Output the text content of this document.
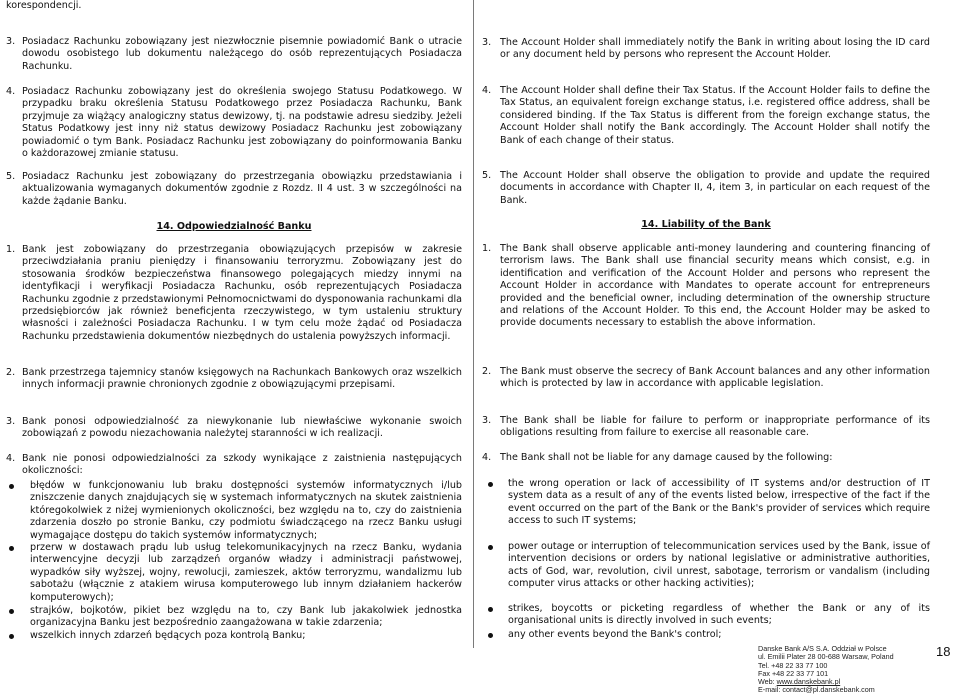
korespondencji.
3. Posiadacz Rachunku zobowiązany jest niezwłocznie pisemnie powiadomić Bank o utracie dowodu osobistego lub dokumentu należącego do osób reprezentujących Posiadacza Rachunku.
4. Posiadacz Rachunku zobowiązany jest do określenia swojego Statusu Podatkowego. W przypadku braku określenia Statusu Podatkowego przez Posiadacza Rachunku, Bank przyjmuje za wiążący analogiczny status dewizowy, tj. na podstawie adresu siedziby. Jeżeli Status Podatkowy jest inny niż status dewizowy Posiadacz Rachunku jest zobowiązany powiadomić o tym Bank. Posiadacz Rachunku jest zobowiązany do poinformowania Banku o każdorazowej zmianie statusu.
5. Posiadacz Rachunku jest zobowiązany do przestrzegania obowiązku przedstawiania i aktualizowania wymaganych dokumentów zgodnie z Rozdz. II 4 ust. 3 w szczególności na każde żądanie Banku.
14. Odpowiedzialność Banku
1. Bank jest zobowiązany do przestrzegania obowiązujących przepisów w zakresie przeciwdziałania praniu pieniędzy i finansowaniu terroryzmu. Zobowiązany jest do stosowania środków bezpieczeństwa finansowego polegających miedzy innymi na identyfikacji i weryfikacji Posiadacza Rachunku, osób reprezentujących Posiadacza Rachunku zgodnie z przedstawionymi Pełnomocnictwami do dysponowania rachunkami dla przedsiębiorców jak również beneficjenta rzeczywistego, w tym ustaleniu struktury własności i zależności Posiadacza Rachunku. I w tym celu może żądać od Posiadacza Rachunku przedstawienia dokumentów niezbędnych do ustalenia powyższych informacji.
2. Bank przestrzega tajemnicy stanów księgowych na Rachunkach Bankowych oraz wszelkich innych informacji prawnie chronionych zgodnie z obowiązującymi przepisami.
3. Bank ponosi odpowiedzialność za niewykonanie lub niewłaściwe wykonanie swoich zobowiązań z powodu niezachowania należytej staranności w ich realizacji.
4. Bank nie ponosi odpowiedzialności za szkody wynikające z zaistnienia następujących okoliczności:
błędów w funkcjonowaniu lub braku dostępności systemów informatycznych i/lub zniszczenie danych znajdujących się w systemach informatycznych na skutek zaistnienia któregokolwiek z niżej wymienionych okoliczności, bez względu na to, czy do zaistnienia zdarzenia doszło po stronie Banku, czy podmiotu świadczącego na rzecz Banku usługi wymagające dostępu do takich systemów informatycznych;
przerw w dostawach prądu lub usług telekomunikacyjnych na rzecz Banku, wydania interwencyjne decyzji lub zarządzeń organów władzy i administracji państwowej, wypadków siły wyższej, wojny, rewolucji, zamieszek, aktów terroryzmu, wandalizmu lub sabotażu (włącznie z atakiem wirusa komputerowego lub innym działaniem hackerów komputerowych);
strajków, bojkotów, pikiet bez względu na to, czy Bank lub jakakolwiek jednostka organizacyjna Banku jest bezpośrednio zaangażowana w takie zdarzenia;
wszelkich innych zdarzeń będących poza kontrolą Banku;
3. The Account Holder shall immediately notify the Bank in writing about losing the ID card or any document held by persons who represent the Account Holder.
4. The Account Holder shall define their Tax Status. If the Account Holder fails to define the Tax Status, an equivalent foreign exchange status, i.e. registered office address, shall be considered binding. If the Tax Status is different from the foreign exchange status, the Account Holder shall notify the Bank accordingly. The Account Holder shall notify the Bank of each change of their status.
5. The Account Holder shall observe the obligation to provide and update the required documents in accordance with Chapter II, 4, item 3, in particular on each request of the Bank.
14. Liability of the Bank
1. The Bank shall observe applicable anti-money laundering and countering financing of terrorism laws. The Bank shall use financial security means which consist, e.g. in identification and verification of the Account Holder and persons who represent the Account Holder in accordance with Mandates to operate account for entrepreneurs provided and the beneficial owner, including determination of the ownership structure and relations of the Account Holder. To this end, the Account Holder may be asked to provide documents necessary to establish the above information.
2. The Bank must observe the secrecy of Bank Account balances and any other information which is protected by law in accordance with applicable legislation.
3. The Bank shall be liable for failure to perform or inappropriate performance of its obligations resulting from failure to exercise all reasonable care.
4. The Bank shall not be liable for any damage caused by the following:
the wrong operation or lack of accessibility of IT systems and/or destruction of IT system data as a result of any of the events listed below, irrespective of the fact if the event occurred on the part of the Bank or the Bank's provider of services which require access to such IT systems;
power outage or interruption of telecommunication services used by the Bank, issue of intervention decisions or orders by national legislative or administrative authorities, acts of God, war, revolution, civil unrest, sabotage, terrorism or vandalism (including computer virus attacks or other hacking activities);
strikes, boycotts or picketing regardless of whether the Bank or any of its organisational units is directly involved in such events;
any other events beyond the Bank's control;
Danske Bank A/S S.A. Oddział w Polsce
ul. Emilii Plater 28 00-688 Warsaw, Poland
Tel. +48 22 33 77 100
Fax +48 22 33 77 101
Web: www.danskebank.pl
E-mail: contact@pl.danskebank.com
18
